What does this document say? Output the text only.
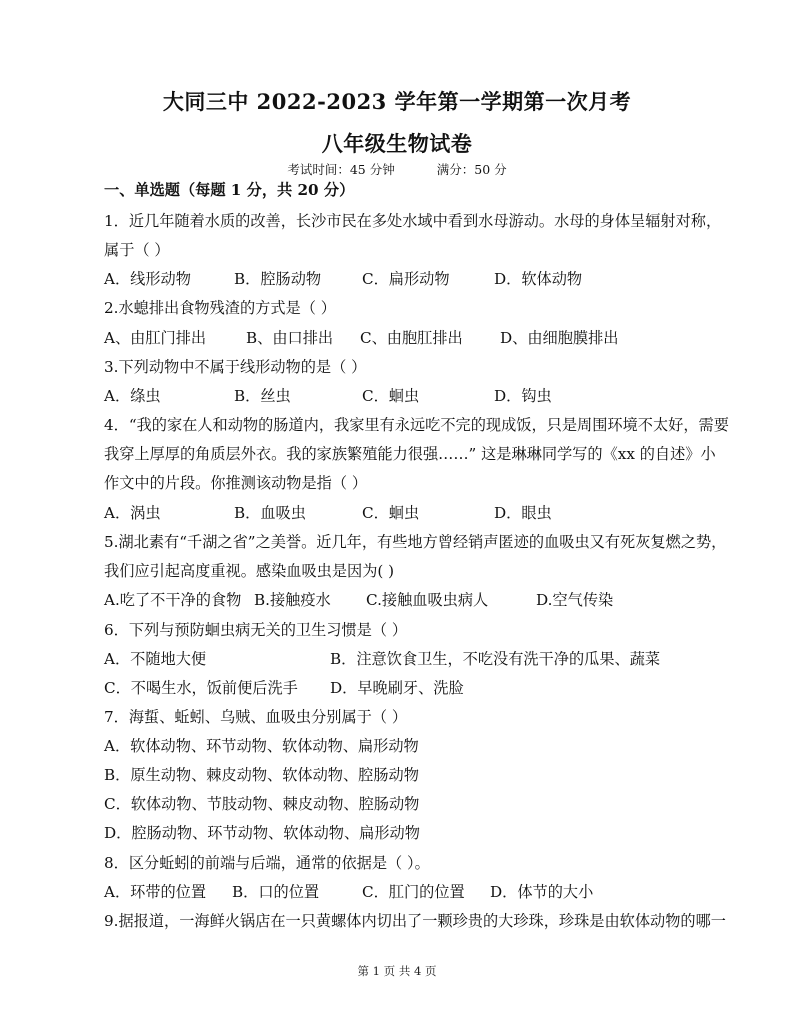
大同三中 2022-2023 学年第一学期第一次月考
八年级生物试卷
考试时间：45 分钟	满分：50 分
一、单选题（每题 1 分，共 20 分）
1．近几年随着水质的改善，长沙市民在多处水域中看到水母游动。水母的身体呈辐射对称，
属于（ ）
A．线形动物	B．腔肠动物	C．扁形动物	D．软体动物
2.水螅排出食物残渣的方式是（ ）
A、由肛门排出	B、由口排出 C、由胞肛排出 D、由细胞膜排出
3.下列动物中不属于线形动物的是（ ）
A．绦虫	B．丝虫	C．蛔虫	D．钩虫
4．“我的家在人和动物的肠道内，我家里有永远吃不完的现成饭，只是周围环境不太好，需要
我穿上厚厚的角质层外衣。我的家族繁殖能力很强……” 这是琳琳同学写的《xx 的自述》小
作文中的片段。你推测该动物是指（ ）
A．涡虫	B．血吸虫	C．蛔虫	D．眼虫
5.湖北素有“千湖之省”之美誉。近几年，有些地方曾经销声匿迹的血吸虫又有死灰复燃之势，
我们应引起高度重视。感染血吸虫是因为( )
A.吃了不干净的食物 B.接触疫水 C.接触血吸虫病人	D.空气传染
6．下列与预防蛔虫病无关的卫生习惯是（ ）
A．不随地大便	B．注意饮食卫生，不吃没有洗干净的瓜果、蔬菜
C．不喝生水，饭前便后洗手 D．早晚刷牙、洗脸
7．海蜇、蚯蚓、乌贼、血吸虫分别属于（ ）
A．软体动物、环节动物、软体动物、扁形动物
B．原生动物、棘皮动物、软体动物、腔肠动物
C．软体动物、节肢动物、棘皮动物、腔肠动物
D．腔肠动物、环节动物、软体动物、扁形动物
8．区分蚯蚓的前端与后端，通常的依据是（ ）。
A．环带的位置 B．口的位置	C．肛门的位置 D．体节的大小
9.据报道，一海鲜火锅店在一只黄螺体内切出了一颗珍贵的大珍珠，珍珠是由软体动物的哪一
第 1 页 共 4 页
